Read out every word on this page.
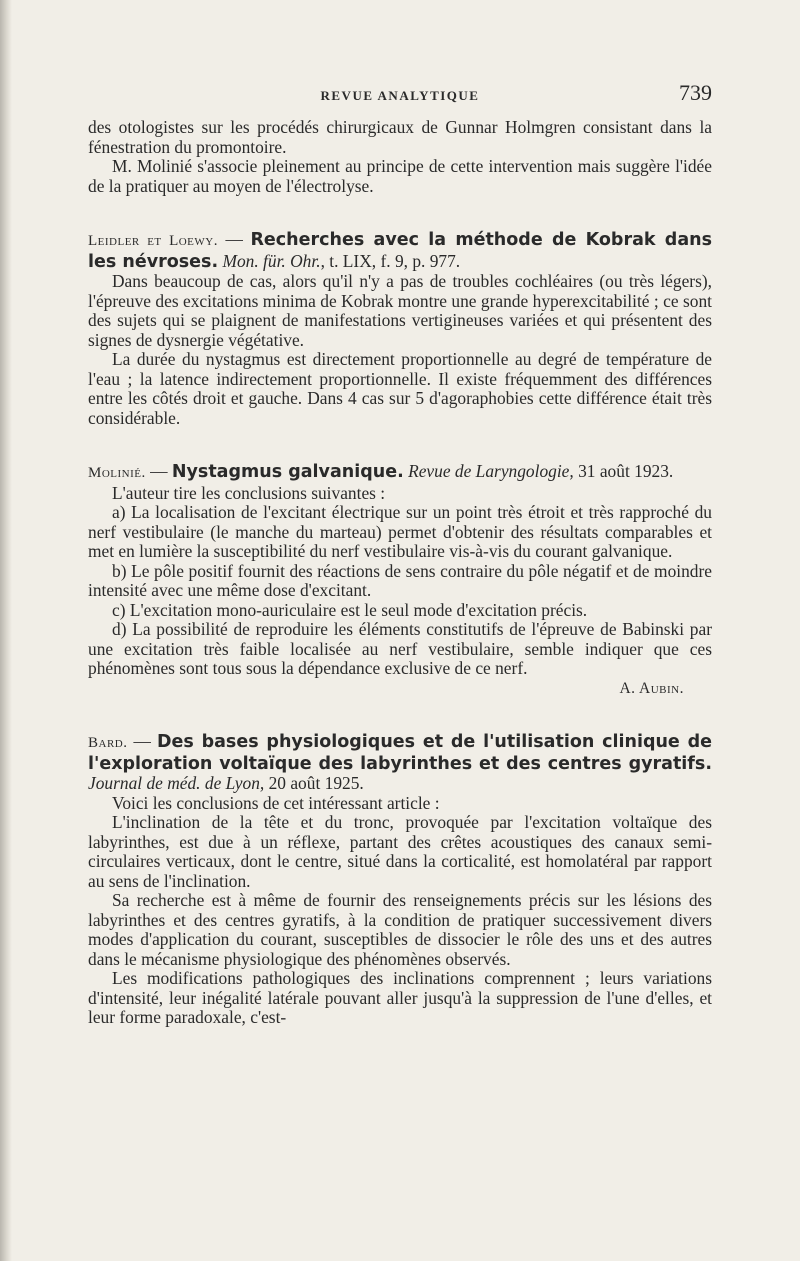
REVUE ANALYTIQUE	739

des otologistes sur les procédés chirurgicaux de Gunnar Holmgren consistant dans la fénestration du promontoire.

M. Molinié s'associe pleinement au principe de cette intervention mais suggère l'idée de la pratiquer au moyen de l'électrolyse.

Leidler et Loewy. — Recherches avec la méthode de Kobrak dans les névroses. Mon. für. Ohr., t. LIX, f. 9, p. 977.

Dans beaucoup de cas, alors qu'il n'y a pas de troubles cochléaires (ou très légers), l'épreuve des excitations minima de Kobrak montre une grande hyperexcitabilité ; ce sont des sujets qui se plaignent de manifestations vertigineuses variées et qui présentent des signes de dysnergie végétative.

La durée du nystagmus est directement proportionnelle au degré de température de l'eau ; la latence indirectement proportionnelle. Il existe fréquemment des différences entre les côtés droit et gauche. Dans 4 cas sur 5 d'agoraphobies cette différence était très considérable.

Molinié. — Nystagmus galvanique. Revue de Laryngologie, 31 août 1923.

L'auteur tire les conclusions suivantes :

a) La localisation de l'excitant électrique sur un point très étroit et très rapproché du nerf vestibulaire (le manche du marteau) permet d'obtenir des résultats comparables et met en lumière la susceptibilité du nerf vestibulaire vis-à-vis du courant galvanique.

b) Le pôle positif fournit des réactions de sens contraire du pôle négatif et de moindre intensité avec une même dose d'excitant.

c) L'excitation mono-auriculaire est le seul mode d'excitation précis.

d) La possibilité de reproduire les éléments constitutifs de l'épreuve de Babinski par une excitation très faible localisée au nerf vestibulaire, semble indiquer que ces phénomènes sont tous sous la dépendance exclusive de ce nerf.

A. Aubin.

Bard. — Des bases physiologiques et de l'utilisation clinique de l'exploration voltaïque des labyrinthes et des centres gyratifs. Journal de méd. de Lyon, 20 août 1925.

Voici les conclusions de cet intéressant article :

L'inclination de la tête et du tronc, provoquée par l'excitation voltaïque des labyrinthes, est due à un réflexe, partant des crêtes acoustiques des canaux semi-circulaires verticaux, dont le centre, situé dans la corticalité, est homolatéral par rapport au sens de l'inclination.

Sa recherche est à même de fournir des renseignements précis sur les lésions des labyrinthes et des centres gyratifs, à la condition de pratiquer successivement divers modes d'application du courant, susceptibles de dissocier le rôle des uns et des autres dans le mécanisme physiologique des phénomènes observés.

Les modifications pathologiques des inclinations comprennent ; leurs variations d'intensité, leur inégalité latérale pouvant aller jusqu'à la suppression de l'une d'elles, et leur forme paradoxale, c'est-
